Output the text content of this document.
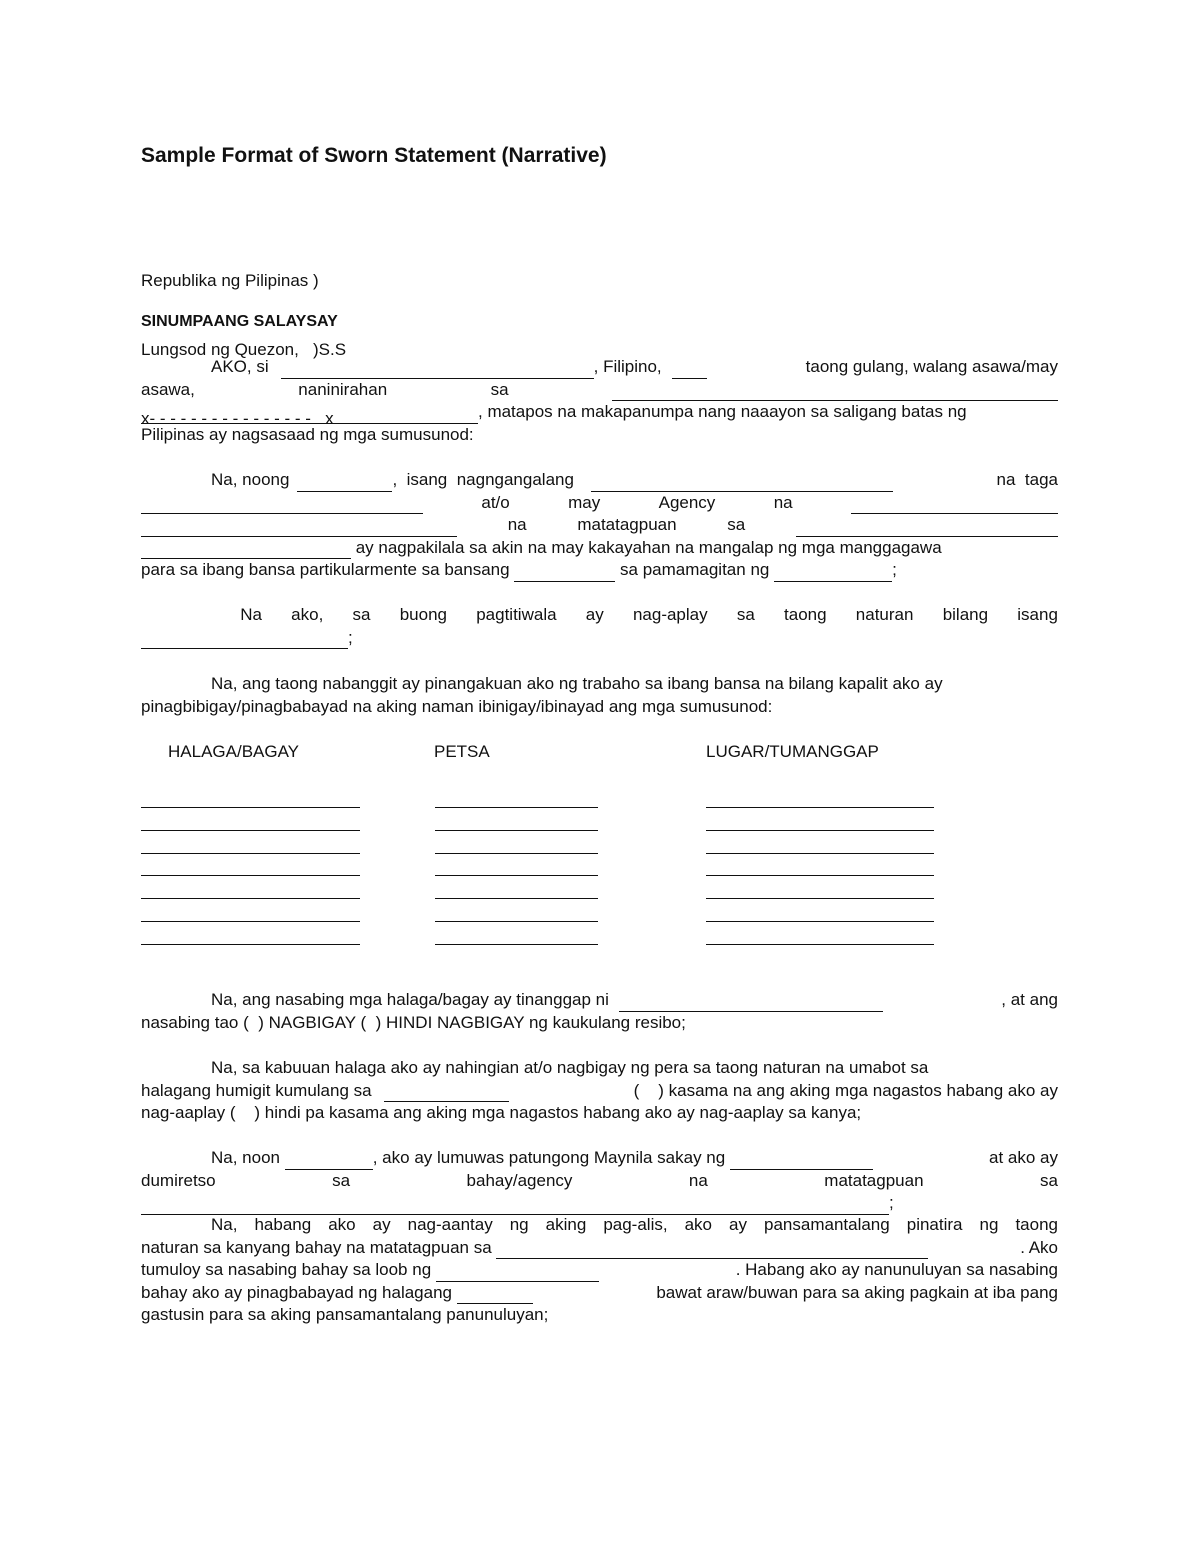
Sample Format of Sworn Statement (Narrative)

Republika ng Pilipinas )

Lungsod ng Quezon,   )S.S

x- - - - - - - - - - - - - - - -   x

SINUMPAANG SALAYSAY
AKO, si	, Filipino,	taong gulang, walang asawa/may
asawa,	naninirahan	sa
, matapos na makapanumpa nang naaayon sa saligang batas ng
Pilipinas ay nagsasaad ng mga sumusunod:
Na, noong	,  isang  nagngangalang	na  taga
at/o	may	Agency	na
na	matatagpuan	sa
ay nagpakilala sa akin na may kakayahan na mangalap ng mga manggagawa
para sa ibang bansa partikularmente sa bansang	sa pamamagitan ng	;
Na ako, sa buong pagtitiwala ay nag-aplay sa taong naturan bilang isang
;
Na, ang taong nabanggit ay pinangakuan ako ng trabaho sa ibang bansa na bilang kapalit ako ay
pinagbibigay/pinagbabayad na aking naman ibinigay/ibinayad ang mga sumusunod:
HALAGA/BAGAY	PETSA	LUGAR/TUMANGGAP
Na, ang nasabing mga halaga/bagay ay tinanggap ni	, at ang
nasabing tao (  ) NAGBIGAY (  ) HINDI NAGBIGAY ng kaukulang resibo;
Na, sa kabuuan halaga ako ay nahingian at/o nagbigay ng pera sa taong naturan na umabot sa
halagang humigit kumulang sa	(    ) kasama na ang aking mga nagastos habang ako ay
nag-aaplay (    ) hindi pa kasama ang aking mga nagastos habang ako ay nag-aaplay sa kanya;
Na, noon	, ako ay lumuwas patungong Maynila sakay ng	at ako ay
dumiretso	sa	bahay/agency	na	matatagpuan	sa
;
Na, habang ako ay nag-aantay ng aking pag-alis, ako ay pansamantalang pinatira ng taong
naturan sa kanyang bahay na matatagpuan sa	. Ako
tumuloy sa nasabing bahay sa loob ng	. Habang ako ay nanunuluyan sa nasabing
bahay ako ay pinagbabayad ng halagang	bawat araw/buwan para sa aking pagkain at iba pang
gastusin para sa aking pansamantalang panunuluyan;
